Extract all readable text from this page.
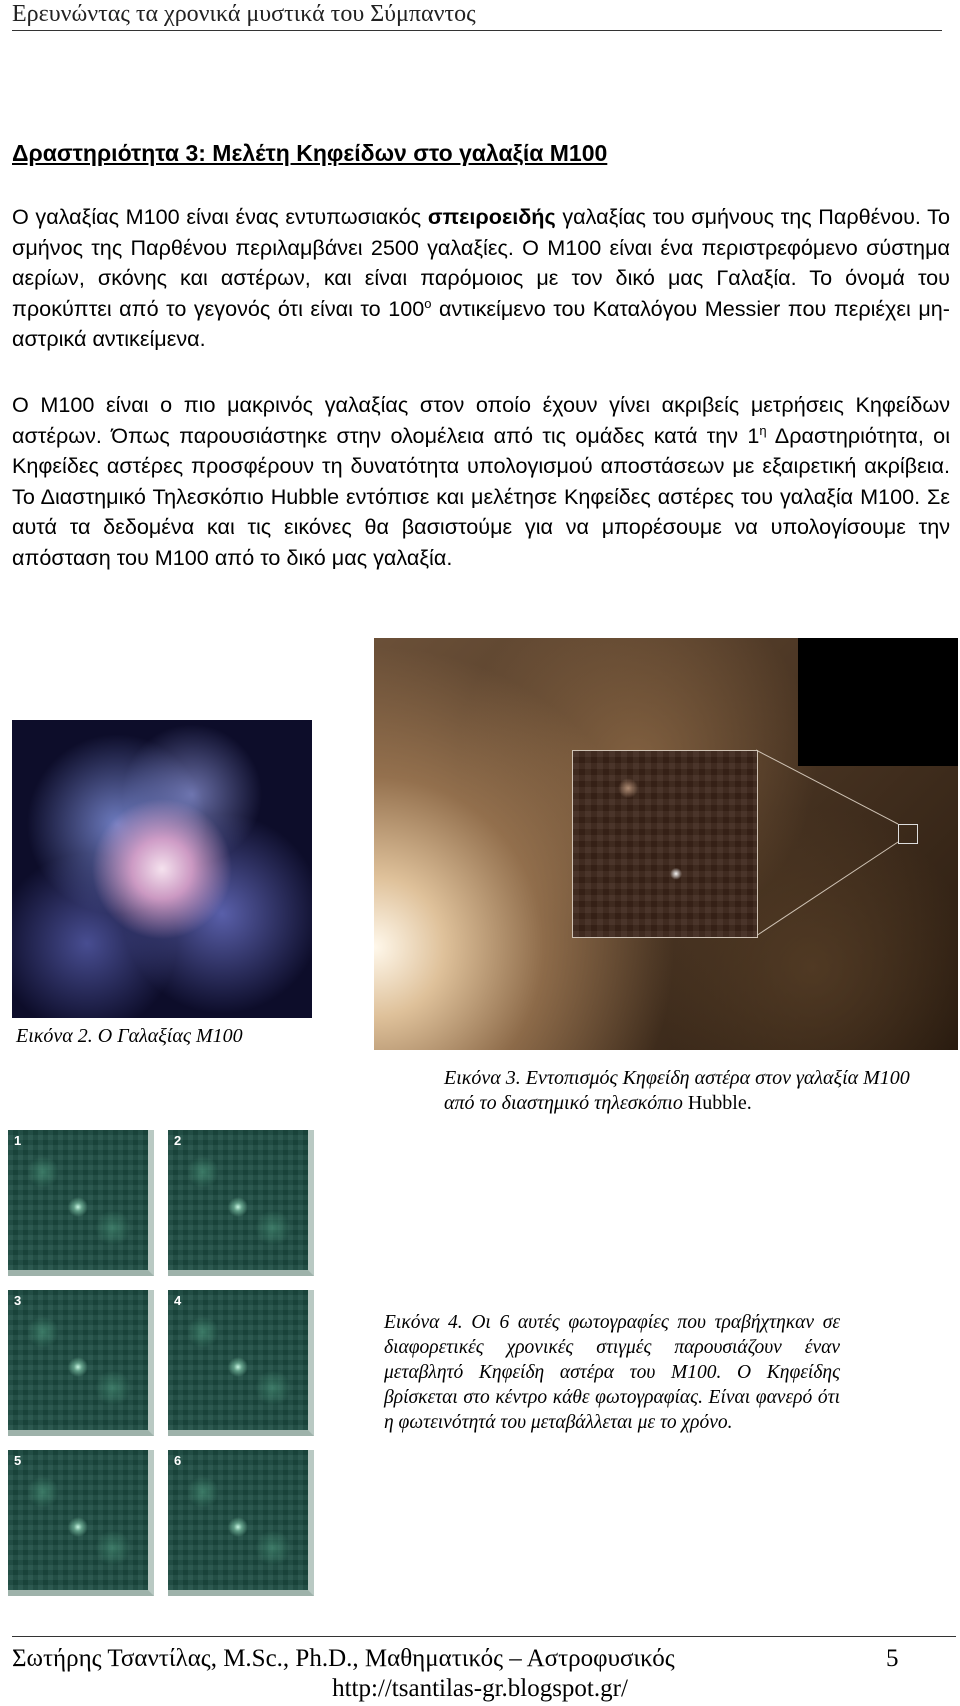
Ερευνώντας τα χρονικά μυστικά του Σύμπαντος
Δραστηριότητα 3: Μελέτη Κηφείδων στο γαλαξία Μ100
Ο γαλαξίας Μ100 είναι ένας εντυπωσιακός σπειροειδής γαλαξίας του σμήνους της Παρθένου. Το σμήνος της Παρθένου περιλαμβάνει 2500 γαλαξίες. Ο Μ100 είναι ένα περιστρεφόμενο σύστημα αερίων, σκόνης και αστέρων, και είναι παρόμοιος με τον δικό μας Γαλαξία. Το όνομά του προκύπτει από το γεγονός ότι είναι το $100^o$ αντικείμενο του Καταλόγου Messier που περιέχει μη- αστρικά αντικείμενα.
Ο Μ100 είναι ο πιο μακρινός γαλαξίας στον οποίο έχουν γίνει ακριβείς μετρήσεις Κηφείδων αστέρων. Όπως παρουσιάστηκε στην ολομέλεια από τις ομάδες κατά την $1^\eta$ Δραστηριότητα, οι Κηφείδες αστέρες προσφέρουν τη δυνατότητα υπολογισμού αποστάσεων με εξαιρετική ακρίβεια. Το Διαστημικό Τηλεσκόπιο Hubble εντόπισε και μελέτησε Κηφείδες αστέρες του γαλαξία Μ100. Σε αυτά τα δεδομένα και τις εικόνες θα βασιστούμε για να μπορέσουμε να υπολογίσουμε την απόσταση του Μ100 από το δικό μας γαλαξία.
Εικόνα 2. Ο Γαλαξίας Μ100
Εικόνα 3. Εντοπισμός Κηφείδη αστέρα στον γαλαξία Μ100 από το διαστημικό τηλεσκόπιο Hubble.
1	2
3	4
5	6
Εικόνα 4. Οι 6 αυτές φωτογραφίες που τραβήχτηκαν σε διαφορετικές χρονικές στιγμές παρουσιάζουν έναν μεταβλητό Κηφείδη αστέρα του Μ100. Ο Κηφείδης βρίσκεται στο κέντρο κάθε φωτογραφίας. Είναι φανερό ότι η φωτεινότητά του μεταβάλλεται με το χρόνο.
Σωτήρης Τσαντίλας, M.Sc., Ph.D., Μαθηματικός – Αστροφυσικός	5
http://tsantilas-gr.blogspot.gr/
